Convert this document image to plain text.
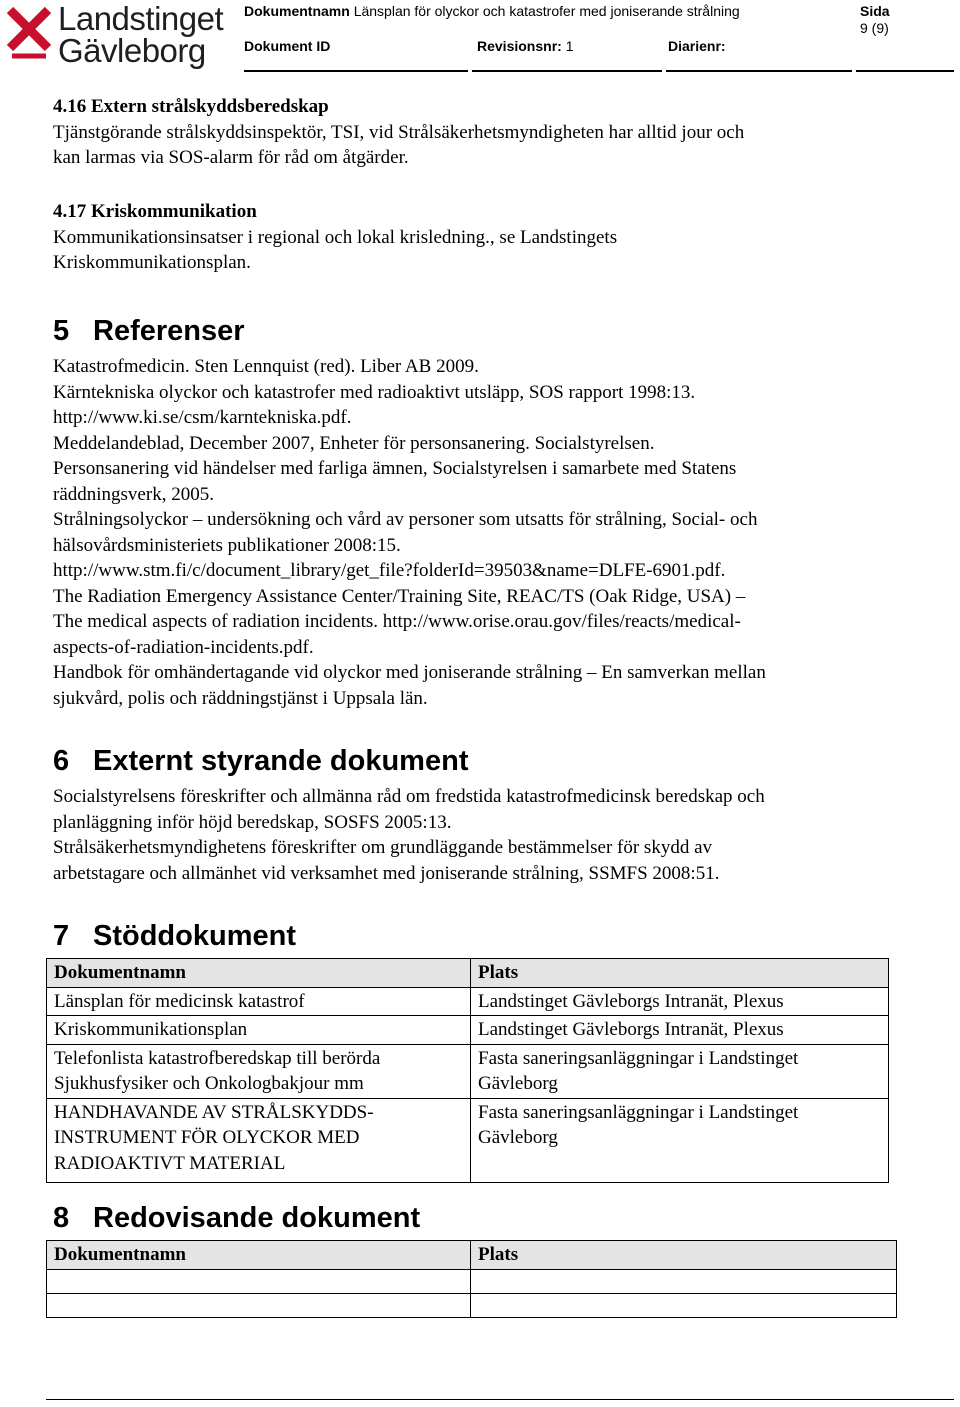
Landstinget
Gävleborg
Dokumentnamn Länsplan för olyckor och katastrofer med joniserande strålning
Dokument ID	Revisionsnr: 1	Diarienr:
Sida
9 (9)

4.16 Extern strålskyddsberedskap

Tjänstgörande strålskyddsinspektör, TSI, vid Strålsäkerhetsmyndigheten har alltid jour och

kan larmas via SOS-alarm för råd om åtgärder.

4.17 Kriskommunikation

Kommunikationsinsatser i regional och lokal krisledning., se Landstingets

Kriskommunikationsplan.

5 Referenser

Katastrofmedicin. Sten Lennquist (red). Liber AB 2009.

Kärntekniska olyckor och katastrofer med radioaktivt utsläpp, SOS rapport 1998:13.

http://www.ki.se/csm/karntekniska.pdf.

Meddelandeblad, December 2007, Enheter för personsanering. Socialstyrelsen.

Personsanering vid händelser med farliga ämnen, Socialstyrelsen i samarbete med Statens

räddningsverk, 2005.

Strålningsolyckor – undersökning och vård av personer som utsatts för strålning, Social- och

hälsovårdsministeriets publikationer 2008:15.

http://www.stm.fi/c/document_library/get_file?folderId=39503&name=DLFE-6901.pdf.

The Radiation Emergency Assistance Center/Training Site, REAC/TS (Oak Ridge, USA) –

The medical aspects of radiation incidents. http://www.orise.orau.gov/files/reacts/medical-

aspects-of-radiation-incidents.pdf.

Handbok för omhändertagande vid olyckor med joniserande strålning – En samverkan mellan

sjukvård, polis och räddningstjänst i Uppsala län.

6 Externt styrande dokument

Socialstyrelsens föreskrifter och allmänna råd om fredstida katastrofmedicinsk beredskap och

planläggning inför höjd beredskap, SOSFS 2005:13.

Strålsäkerhetsmyndighetens föreskrifter om grundläggande bestämmelser för skydd av

arbetstagare och allmänhet vid verksamhet med joniserande strålning, SSMFS 2008:51.

7 Stöddokument
Dokumentnamn	Plats

Länsplan för medicinsk katastrof	Landstinget Gävleborgs Intranät, Plexus

Kriskommunikationsplan	Landstinget Gävleborgs Intranät, Plexus

Telefonlista katastrofberedskap till berörda
Sjukhusfysiker och Onkologbakjour mm	Fasta saneringsanläggningar i Landstinget
Gävleborg

HANDHAVANDE AV STRÅLSKYDDS-
INSTRUMENT FÖR OLYCKOR MED
RADIOAKTIVT MATERIAL	Fasta saneringsanläggningar i Landstinget
Gävleborg
8 Redovisande dokument
Dokumentnamn	Plats
